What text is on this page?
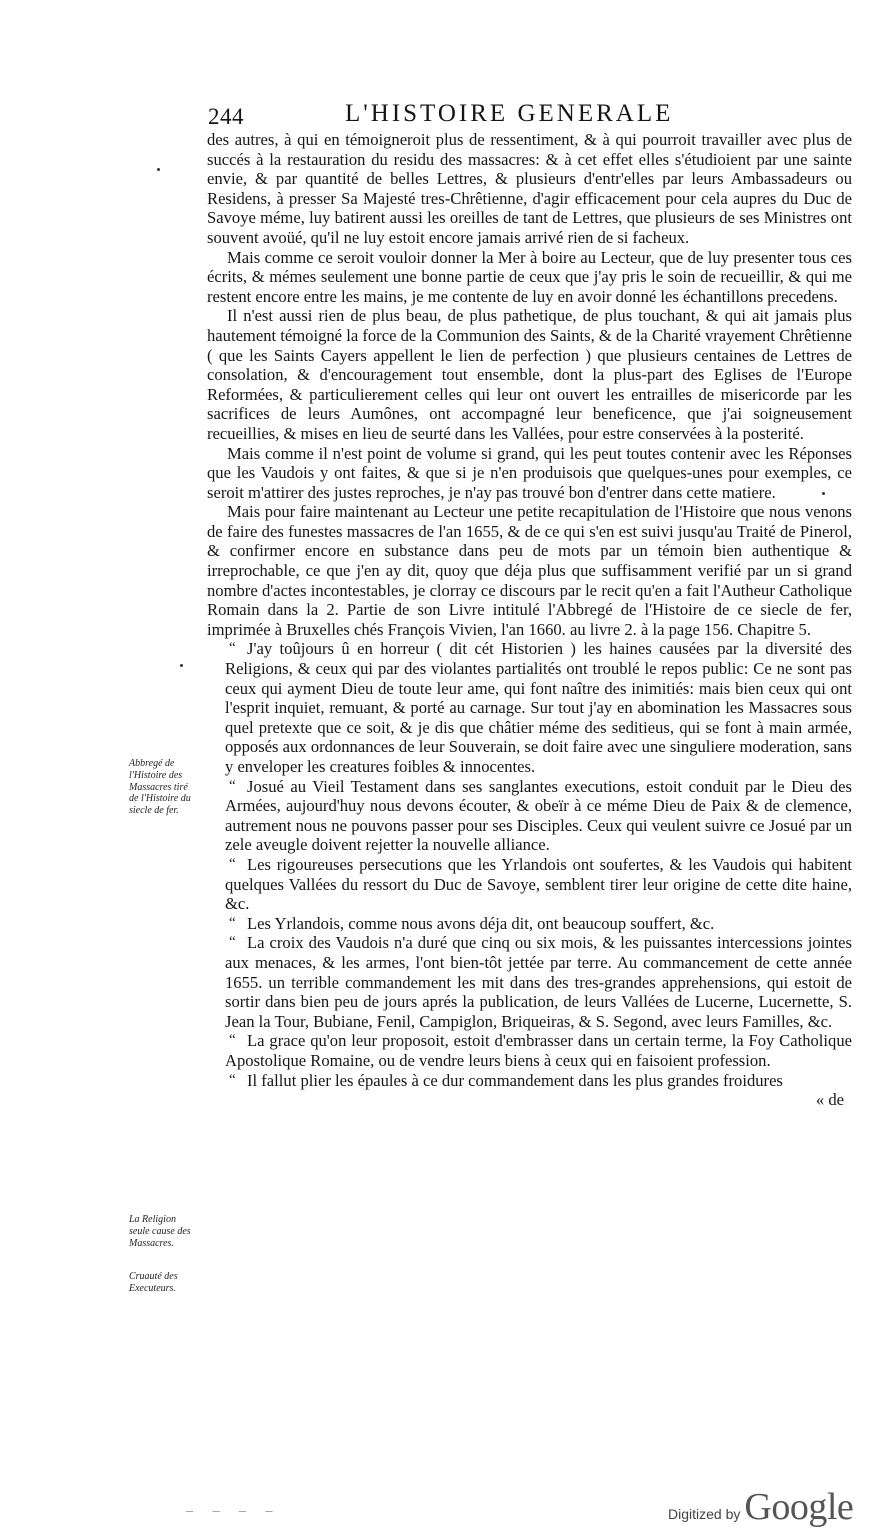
244	L'HISTOIRE GENERALE

des autres, à qui en témoigneroit plus de ressentiment, & à qui pourroit travailler avec plus de succés à la restauration du residu des massacres: & à cet effet elles s'étudioient par une sainte envie, & par quantité de belles Lettres, & plusieurs d'entr'elles par leurs Ambassadeurs ou Residens, à presser Sa Majesté tres-Chrêtienne, d'agir efficacement pour cela aupres du Duc de Savoye méme, luy batirent aussi les oreilles de tant de Lettres, que plusieurs de ses Ministres ont souvent avoüé, qu'il ne luy estoit encore jamais arrivé rien de si facheux.

Mais comme ce seroit vouloir donner la Mer à boire au Lecteur, que de luy presenter tous ces écrits, & mémes seulement une bonne partie de ceux que j'ay pris le soin de recueillir, & qui me restent encore entre les mains, je me contente de luy en avoir donné les échantillons precedens.

Il n'est aussi rien de plus beau, de plus pathetique, de plus touchant, & qui ait jamais plus hautement témoigné la force de la Communion des Saints, & de la Charité vrayement Chrêtienne ( que les Saints Cayers appellent le lien de perfection ) que plusieurs centaines de Lettres de consolation, & d'encouragement tout ensemble, dont la plus-part des Eglises de l'Europe Reformées, & particulierement celles qui leur ont ouvert les entrailles de misericorde par les sacrifices de leurs Aumônes, ont accompagné leur beneficence, que j'ai soigneusement recueillies, & mises en lieu de seurté dans les Vallées, pour estre conservées à la posterité.

Mais comme il n'est point de volume si grand, qui les peut toutes contenir avec les Réponses que les Vaudois y ont faites, & que si je n'en produisois que quelques-unes pour exemples, ce seroit m'attirer des justes reproches, je n'ay pas trouvé bon d'entrer dans cette matiere.

Mais pour faire maintenant au Lecteur une petite recapitulation de l'Histoire que nous venons de faire des funestes massacres de l'an 1655, & de ce qui s'en est suivi jusqu'au Traité de Pinerol, & confirmer encore en substance dans peu de mots par un témoin bien authentique & irreprochable, ce que j'en ay dit, quoy que déja plus que suffisamment verifié par un si grand nombre d'actes incontestables, je clorray ce discours par le recit qu'en a fait l'Autheur Catholique Romain dans la 2. Partie de son Livre intitulé l'Abbregé de l'Histoire de ce siecle de fer, imprimée à Bruxelles chés François Vivien, l'an 1660. au livre 2. à la page 156. Chapitre 5.

“ J'ay toûjours û en horreur ( dit cét Historien ) les haines causées par la diversité des Religions, & ceux qui par des violantes partialités ont troublé le repos public: Ce ne sont pas ceux qui ayment Dieu de toute leur ame, qui font naître des inimitiés: mais bien ceux qui ont l'esprit inquiet, remuant, & porté au carnage. Sur tout j'ay en abomination les Massacres sous quel pretexte que ce soit, & je dis que châtier méme des seditieus, qui se font à main armée, opposés aux ordonnances de leur Souverain, se doit faire avec une singuliere moderation, sans y enveloper les creatures foibles & innocentes.

“ Josué au Vieil Testament dans ses sanglantes executions, estoit conduit par le Dieu des Armées, aujourd'huy nous devons écouter, & obeïr à ce méme Dieu de Paix & de clemence, autrement nous ne pouvons passer pour ses Disciples. Ceux qui veulent suivre ce Josué par un zele aveugle doivent rejetter la nouvelle alliance.

“ Les rigoureuses persecutions que les Yrlandois ont soufertes, & les Vaudois qui habitent quelques Vallées du ressort du Duc de Savoye, semblent tirer leur origine de cette dite haine, &c.

“ Les Yrlandois, comme nous avons déja dit, ont beaucoup souffert, &c.

“ La croix des Vaudois n'a duré que cinq ou six mois, & les puissantes intercessions jointes aux menaces, & les armes, l'ont bien-tôt jettée par terre. Au commancement de cette année 1655. un terrible commandement les mit dans des tres-grandes apprehensions, qui estoit de sortir dans bien peu de jours aprés la publication, de leurs Vallées de Lucerne, Lucernette, S. Jean la Tour, Bubiane, Fenil, Campiglon, Briqueiras, & S. Segond, avec leurs Familles, &c.

“ La grace qu'on leur proposoit, estoit d'embrasser dans un certain terme, la Foy Catholique Apostolique Romaine, ou de vendre leurs biens à ceux qui en faisoient profession.

“ Il fallut plier les épaules à ce dur commandement dans les plus grandes froidures

« de

Abbregé de l'Histoire des Massacres tiré de l'Histoire du siecle de fer.
La Religion seule cause des Massacres.
Cruauté des Executeurs.
— — — —	Digitized by Google
